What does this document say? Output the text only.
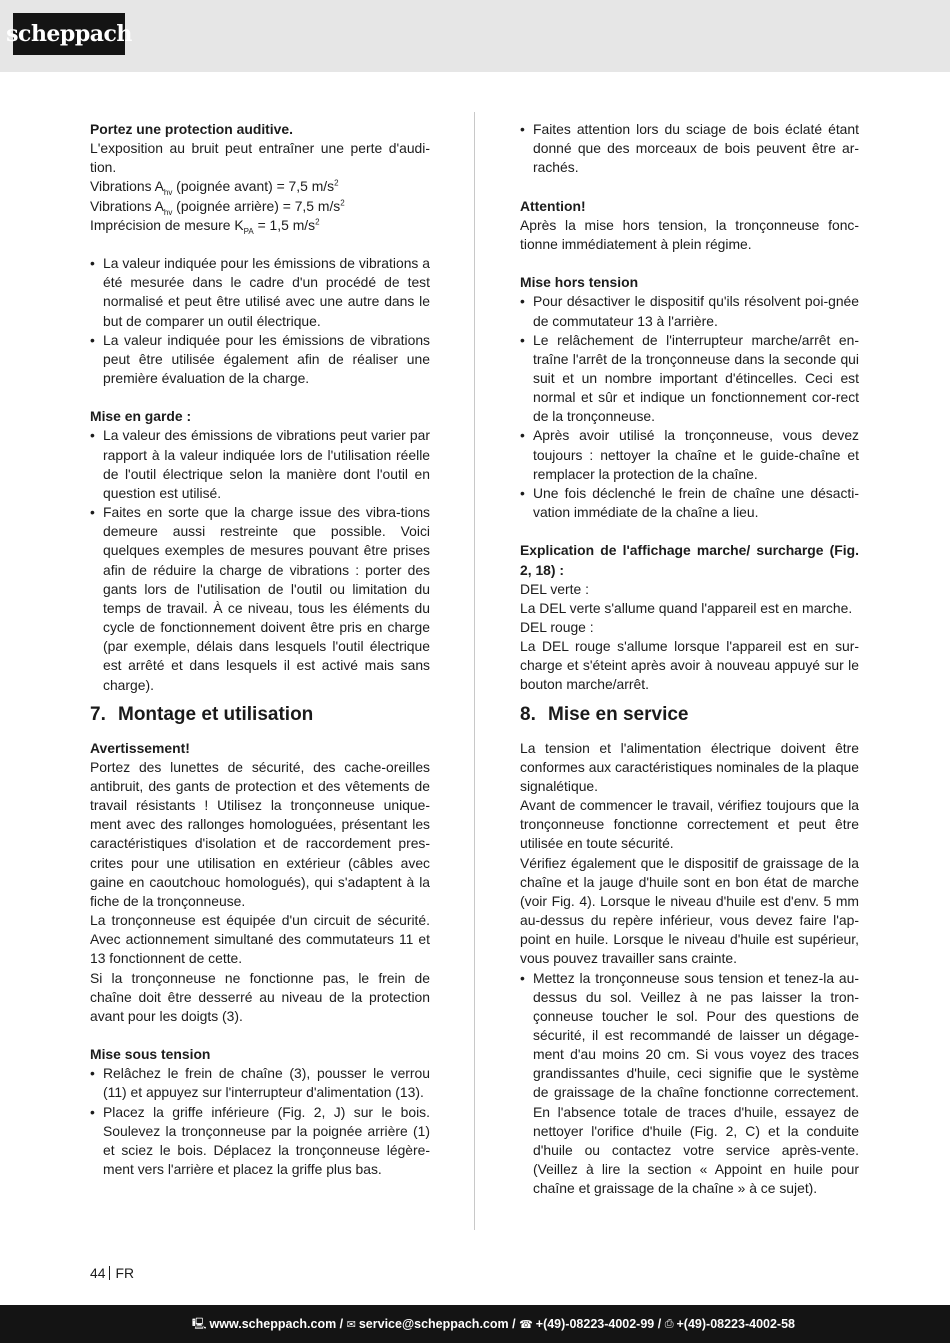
scheppach

Portez une protection auditive.

L'exposition au bruit peut entraîner une perte d'audi-tion.

Vibrations $A_{hv}$ (poignée avant) = 7,5 $m/s^2$

Vibrations $A_{hv}$ (poignée arrière) = 7,5 $m/s^2$

Imprécision de mesure $K_{PA} = 1,5$ $m/s^2$

• La valeur indiquée pour les émissions de vibrations a été mesurée dans le cadre d'un procédé de test normalisé et peut être utilisé avec une autre dans le but de comparer un outil électrique.
• La valeur indiquée pour les émissions de vibrations peut être utilisée également afin de réaliser une première évaluation de la charge.

Mise en garde :

• La valeur des émissions de vibrations peut varier par rapport à la valeur indiquée lors de l'utilisation réelle de l'outil électrique selon la manière dont l'outil en question est utilisé.
• Faites en sorte que la charge issue des vibra-tions demeure aussi restreinte que possible. Voici quelques exemples de mesures pouvant être prises afin de réduire la charge de vibrations : porter des gants lors de l'utilisation de l'outil ou limitation du temps de travail. À ce niveau, tous les éléments du cycle de fonctionnement doivent être pris en charge (par exemple, délais dans lesquels l'outil électrique est arrêté et dans lesquels il est activé mais sans charge).
7. Montage et utilisation

Avertissement!

Portez des lunettes de sécurité, des cache-oreilles antibruit, des gants de protection et des vêtements de travail résistants ! Utilisez la tronçonneuse unique-ment avec des rallonges homologuées, présentant les caractéristiques d'isolation et de raccordement pres-crites pour une utilisation en extérieur (câbles avec gaine en caoutchouc homologués), qui s'adaptent à la fiche de la tronçonneuse.

La tronçonneuse est équipée d'un circuit de sécurité. Avec actionnement simultané des commutateurs 11 et 13 fonctionnent de cette.

Si la tronçonneuse ne fonctionne pas, le frein de chaîne doit être desserré au niveau de la protection avant pour les doigts (3).

Mise sous tension

• Relâchez le frein de chaîne (3), pousser le verrou (11) et appuyez sur l'interrupteur d'alimentation (13).
• Placez la griffe inférieure (Fig. 2, J) sur le bois. Soulevez la tronçonneuse par la poignée arrière (1) et sciez le bois. Déplacez la tronçonneuse légère-ment vers l'arrière et placez la griffe plus bas.
• Faites attention lors du sciage de bois éclaté étant donné que des morceaux de bois peuvent être ar-rachés.

Attention!

Après la mise hors tension, la tronçonneuse fonc-tionne immédiatement à plein régime.

Mise hors tension

• Pour désactiver le dispositif qu'ils résolvent poi-gnée de commutateur 13 à l'arrière.
• Le relâchement de l'interrupteur marche/arrêt en-traîne l'arrêt de la tronçonneuse dans la seconde qui suit et un nombre important d'étincelles. Ceci est normal et sûr et indique un fonctionnement cor-rect de la tronçonneuse.
• Après avoir utilisé la tronçonneuse, vous devez toujours : nettoyer la chaîne et le guide-chaîne et remplacer la protection de la chaîne.
• Une fois déclenché le frein de chaîne une désacti-vation immédiate de la chaîne a lieu.

Explication de l'affichage marche/ surcharge (Fig. 2, 18) :

DEL verte :

La DEL verte s'allume quand l'appareil est en marche.

DEL rouge :

La DEL rouge s'allume lorsque l'appareil est en sur-charge et s'éteint après avoir à nouveau appuyé sur le bouton marche/arrêt.

8. Mise en service

La tension et l'alimentation électrique doivent être conformes aux caractéristiques nominales de la plaque signalétique.

Avant de commencer le travail, vérifiez toujours que la tronçonneuse fonctionne correctement et peut être utilisée en toute sécurité.

Vérifiez également que le dispositif de graissage de la chaîne et la jauge d'huile sont en bon état de marche (voir Fig. 4). Lorsque le niveau d'huile est d'env. 5 mm au-dessus du repère inférieur, vous devez faire l'ap-point en huile. Lorsque le niveau d'huile est supérieur, vous pouvez travailler sans crainte.

• Mettez la tronçonneuse sous tension et tenez-la au-dessus du sol. Veillez à ne pas laisser la tron-çonneuse toucher le sol. Pour des questions de sécurité, il est recommandé de laisser un dégage-ment d'au moins 20 cm. Si vous voyez des traces grandissantes d'huile, ceci signifie que le système de graissage de la chaîne fonctionne correctement. En l'absence totale de traces d'huile, essayez de nettoyer l'orifice d'huile (Fig. 2, C) et la conduite d'huile ou contactez votre service après-vente. (Veillez à lire la section « Appoint en huile pour chaîne et graissage de la chaîne » à ce sujet).
44 FR
🖳 www.scheppach.com /
✉ service@scheppach.com /
☎ +(49)-08223-4002-99 /
⎙ +(49)-08223-4002-58
